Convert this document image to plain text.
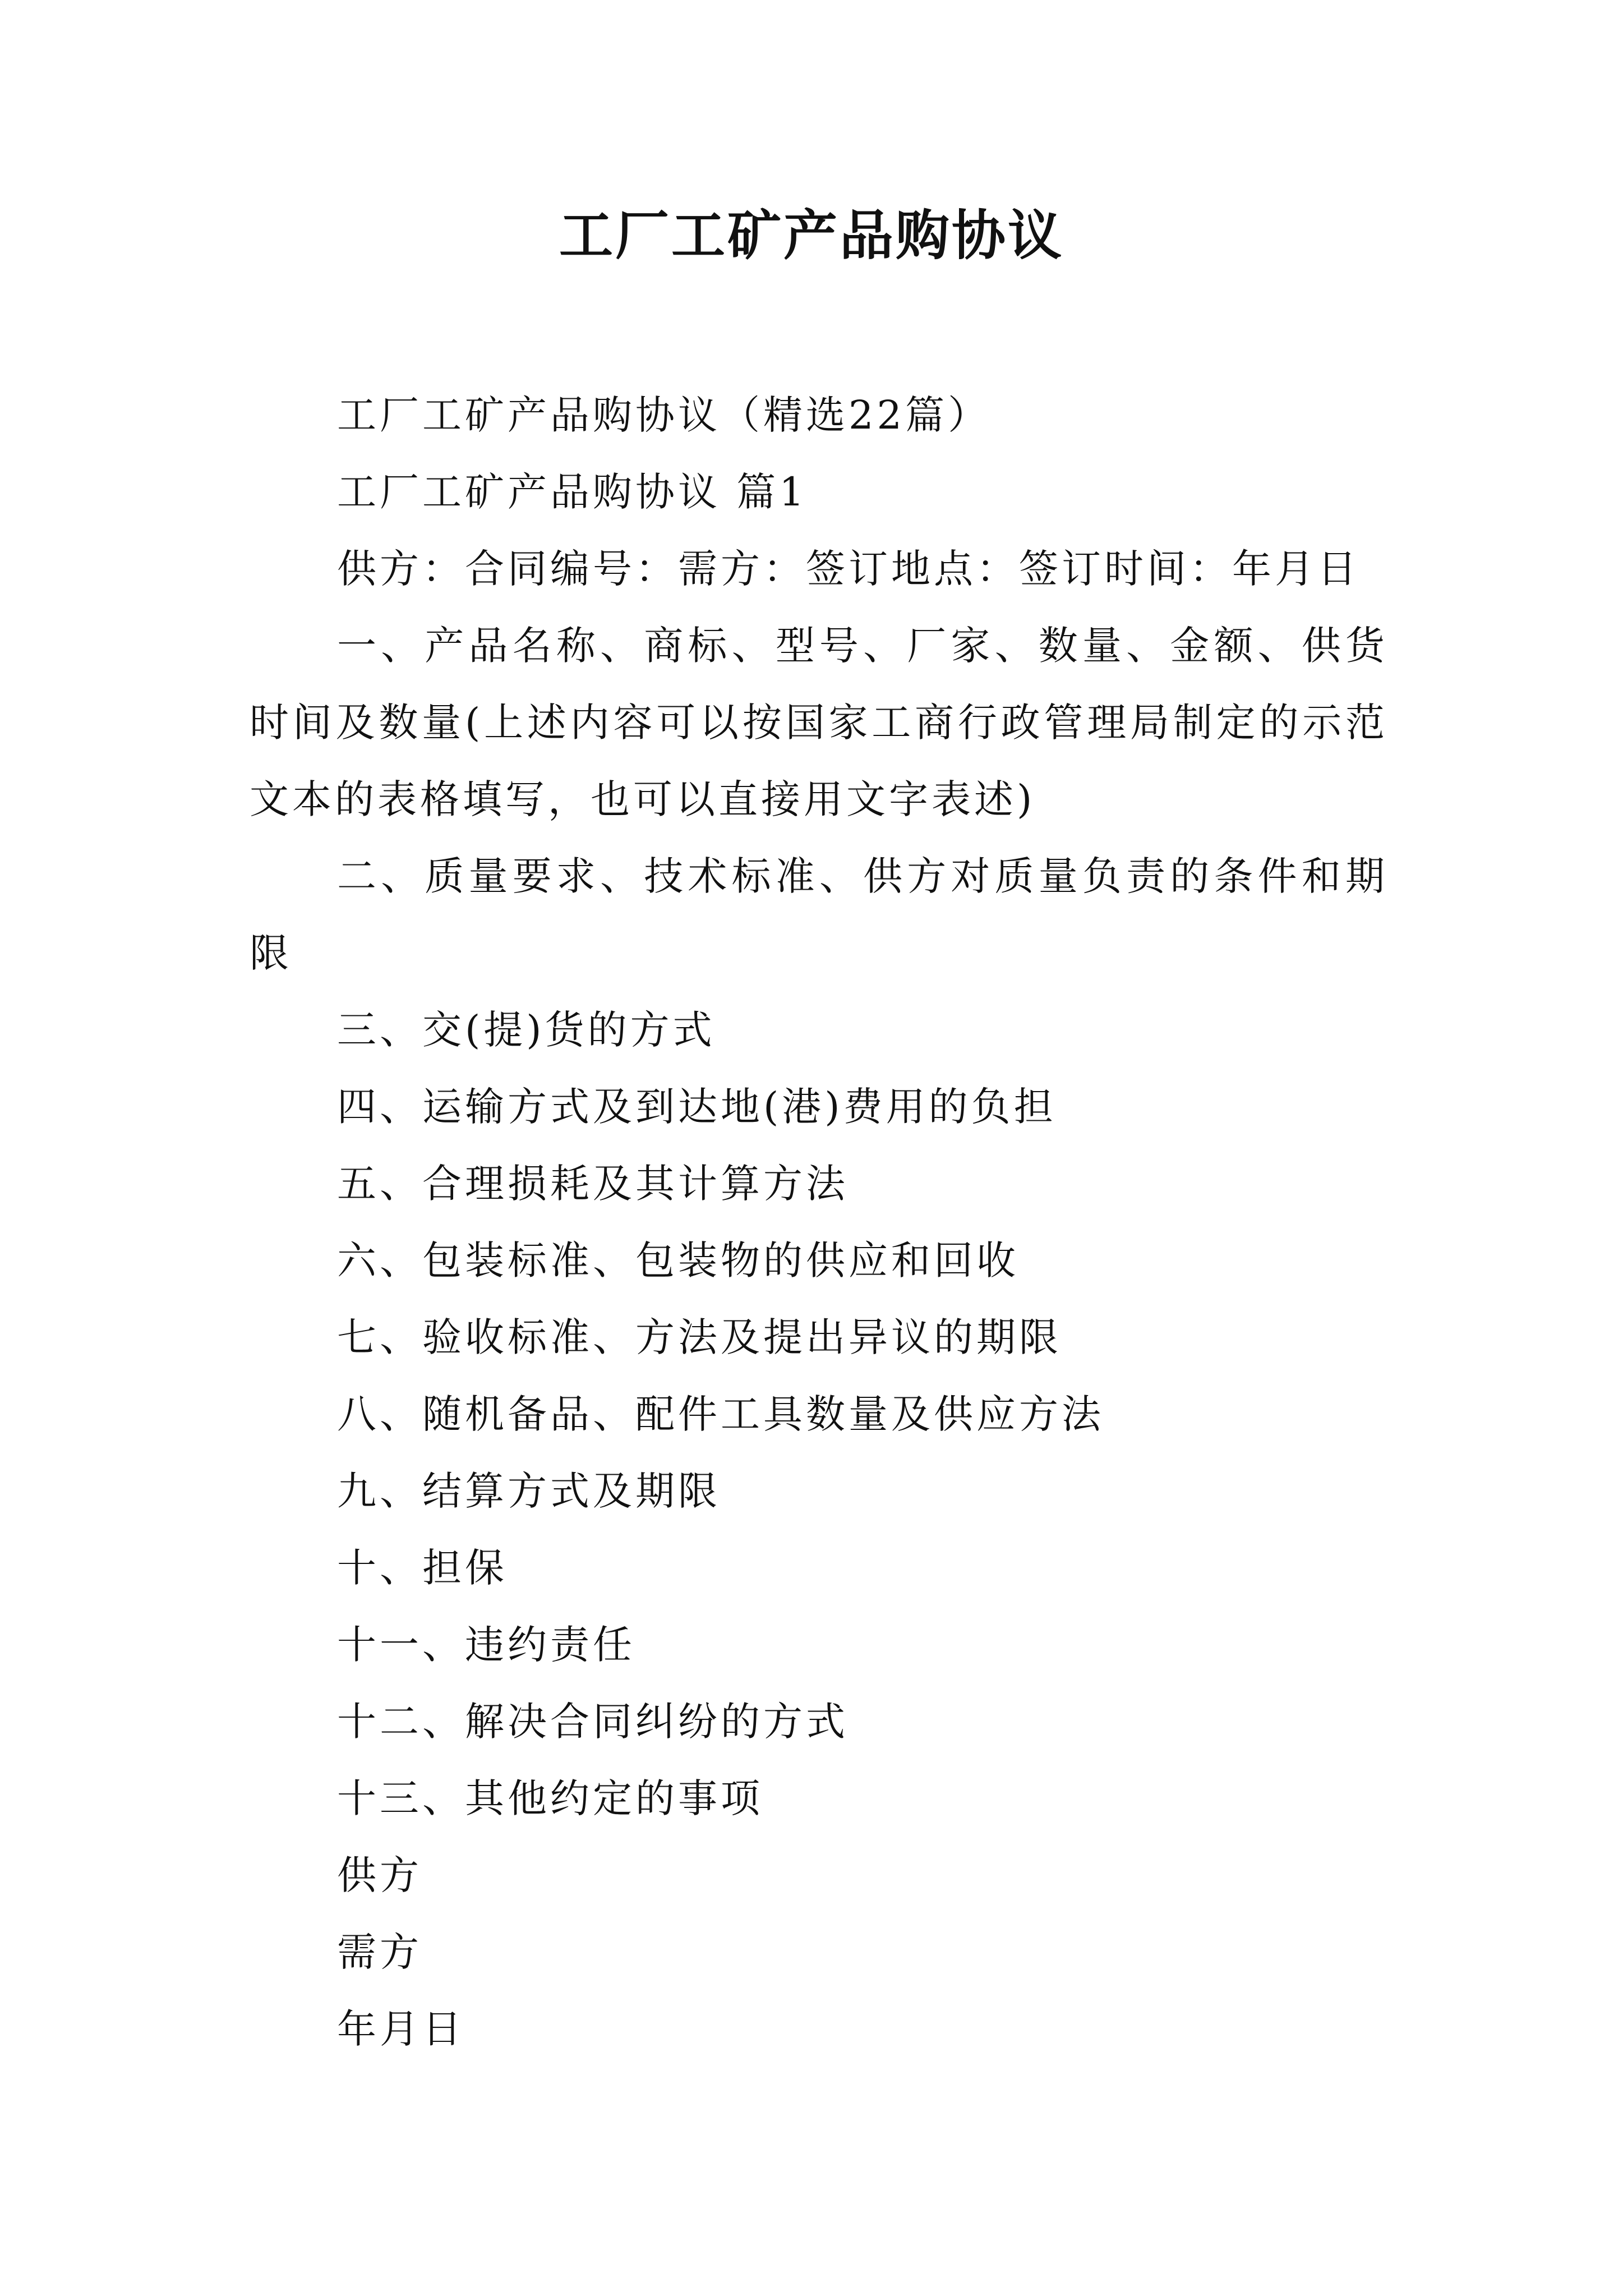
工厂工矿产品购协议

工厂工矿产品购协议（精选22篇）

工厂工矿产品购协议 篇1

供方：合同编号：需方：签订地点：签订时间：年月日

一、产品名称、商标、型号、厂家、数量、金额、供货时间及数量(上述内容可以按国家工商行政管理局制定的示范文本的表格填写，也可以直接用文字表述)

二、质量要求、技术标准、供方对质量负责的条件和期限

三、交(提)货的方式

四、运输方式及到达地(港)费用的负担

五、合理损耗及其计算方法

六、包装标准、包装物的供应和回收

七、验收标准、方法及提出异议的期限

八、随机备品、配件工具数量及供应方法

九、结算方式及期限

十、担保

十一、违约责任

十二、解决合同纠纷的方式

十三、其他约定的事项

供方

需方

年月日
